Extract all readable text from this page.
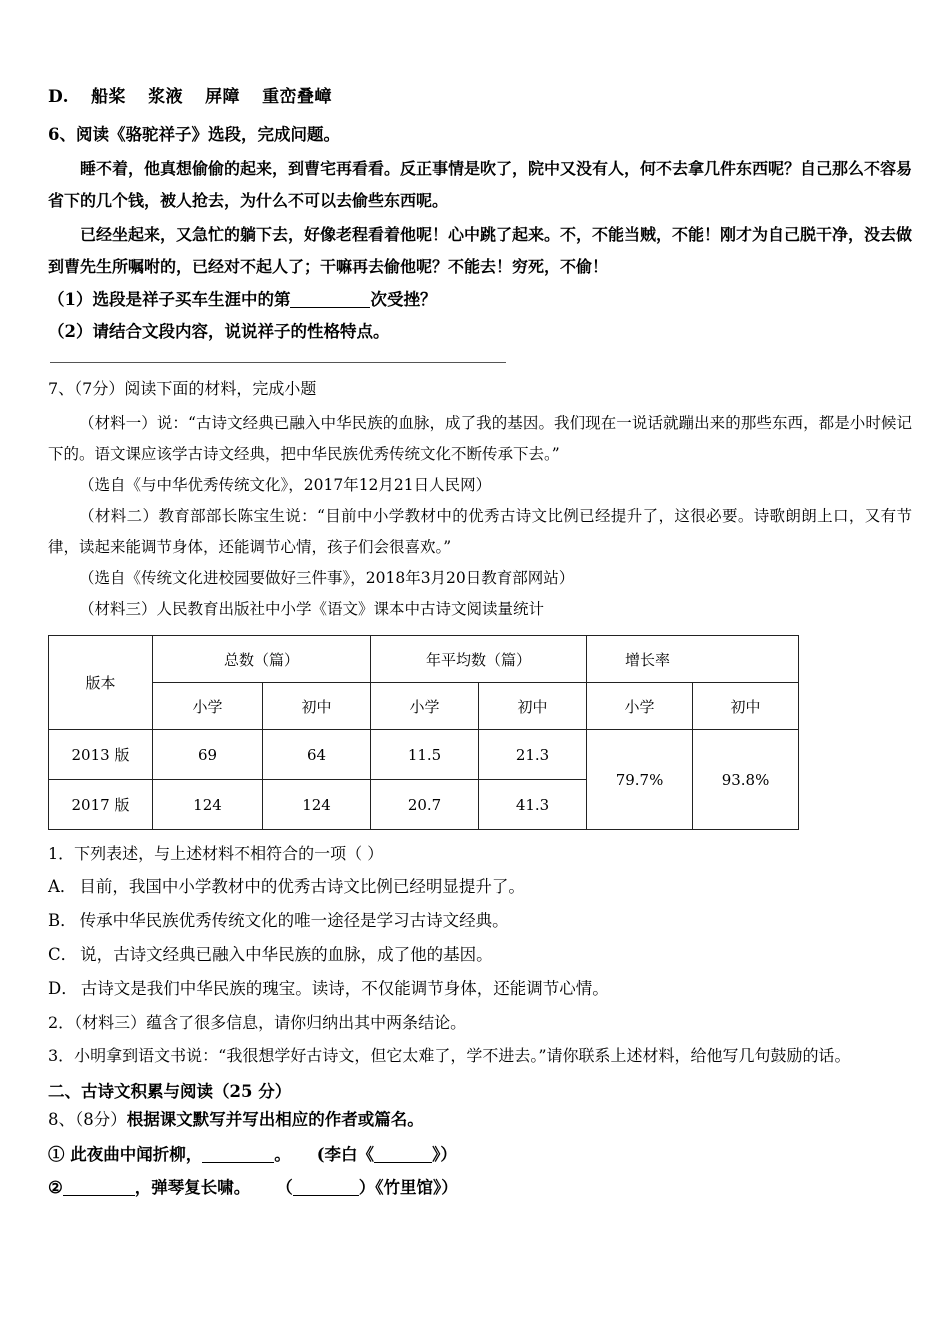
D. 船桨 浆液 屏障 重峦叠嶂
6、阅读《骆驼祥子》选段，完成问题。

睡不着，他真想偷偷的起来，到曹宅再看看。反正事情是吹了，院中又没有人，何不去拿几件东西呢？自己那么不容易省下的几个钱，被人抢去，为什么不可以去偷些东西呢。

已经坐起来，又急忙的躺下去，好像老程看着他呢！心中跳了起来。不，不能当贼，不能！刚才为自己脱干净，没去做到曹先生所嘱咐的，已经对不起人了；干嘛再去偷他呢？不能去！穷死，不偷！

（1）选段是祥子买车生涯中的第	次受挫？
（2）请结合文段内容，说说祥子的性格特点。
7、（7分）阅读下面的材料，完成小题

（材料一）说：“古诗文经典已融入中华民族的血脉，成了我的基因。我们现在一说话就蹦出来的那些东西，都是小时候记下的。语文课应该学古诗文经典，把中华民族优秀传统文化不断传承下去。”

（选自《与中华优秀传统文化》，2017年12月21日人民网）

（材料二）教育部部长陈宝生说：“目前中小学教材中的优秀古诗文比例已经提升了，这很必要。诗歌朗朗上口，又有节律，读起来能调节身体，还能调节心情，孩子们会很喜欢。”

（选自《传统文化进校园要做好三件事》，2018年3月20日教育部网站）

（材料三）人民教育出版社中小学《语文》课本中古诗文阅读量统计

版本	总数（篇）		年平均数（篇）		增长率	
	小学	初中	小学	初中	小学	初中
2013 版	69	64	11.5	21.3	79.7%	93.8%
2017 版	124	124	20.7	41.3		
1．下列表述，与上述材料不相符合的一项（ ）
A． 目前，我国中小学教材中的优秀古诗文比例已经明显提升了。
B． 传承中华民族优秀传统文化的唯一途径是学习古诗文经典。
C． 说，古诗文经典已融入中华民族的血脉，成了他的基因。
D． 古诗文是我们中华民族的瑰宝。读诗，不仅能调节身体，还能调节心情。
2．（材料三）蕴含了很多信息，请你归纳出其中两条结论。
3．小明拿到语文书说：“我很想学好古诗文，但它太难了，学不进去。”请你联系上述材料，给他写几句鼓励的话。
二、古诗文积累与阅读（25 分）
8、（8分）根据课文默写并写出相应的作者或篇名。
① 此夜曲中闻折柳，	。 (李白《	》）
②	，弹琴复长啸。 （	）《竹里馆》）
